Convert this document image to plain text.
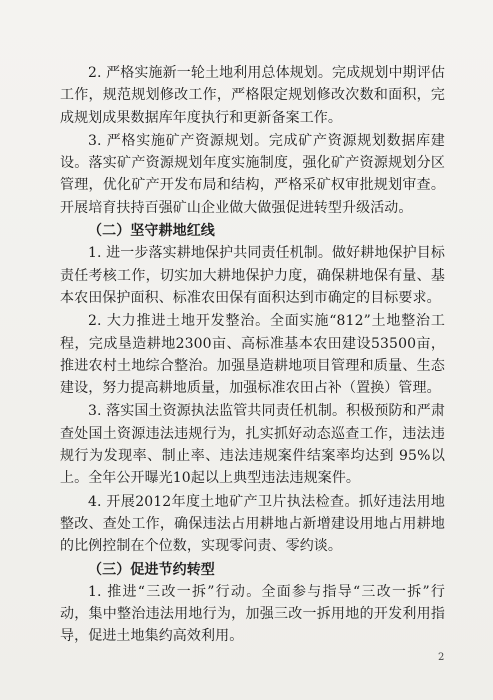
2. 严格实施新一轮土地利用总体规划。完成规划中期评估工作，规范规划修改工作，严格限定规划修改次数和面积，完成规划成果数据库年度执行和更新备案工作。

3. 严格实施矿产资源规划。完成矿产资源规划数据库建设。落实矿产资源规划年度实施制度，强化矿产资源规划分区管理，优化矿产开发布局和结构，严格采矿权审批规划审查。开展培育扶持百强矿山企业做大做强促进转型升级活动。

（二）坚守耕地红线

1. 进一步落实耕地保护共同责任机制。做好耕地保护目标责任考核工作，切实加大耕地保护力度，确保耕地保有量、基本农田保护面积、标准农田保有面积达到市确定的目标要求。

2. 大力推进土地开发整治。全面实施“812”土地整治工程，完成垦造耕地2300亩、高标准基本农田建设53500亩，推进农村土地综合整治。加强垦造耕地项目管理和质量、生态建设，努力提高耕地质量，加强标准农田占补（置换）管理。

3. 落实国土资源执法监管共同责任机制。积极预防和严肃查处国土资源违法违规行为，扎实抓好动态巡查工作，违法违规行为发现率、制止率、违法违规案件结案率均达到 95%以上。全年公开曝光10起以上典型违法违规案件。

4. 开展2012年度土地矿产卫片执法检查。抓好违法用地整改、查处工作，确保违法占用耕地占新增建设用地占用耕地的比例控制在个位数，实现零问责、零约谈。

（三）促进节约转型

1. 推进“三改一拆”行动。全面参与指导“三改一拆”行动，集中整治违法用地行为，加强三改一拆用地的开发利用指导，促进土地集约高效利用。

2
